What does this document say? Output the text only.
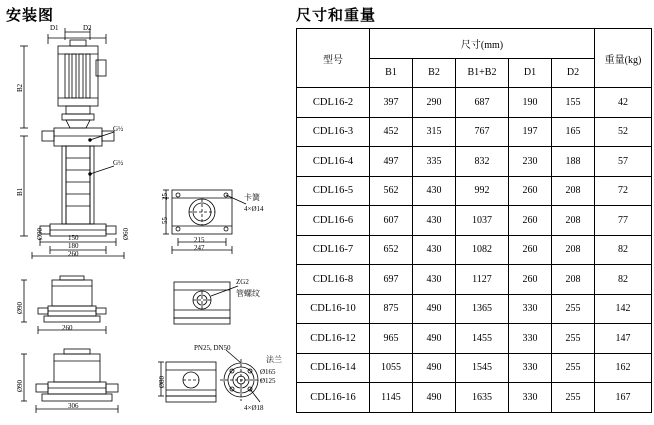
安装图	尺寸和重量
型号	尺寸(mm)					重量(kg)
	B1	B2	B1+B2	D1	D2	
CDL16-2	397	290	687	190	155	42
CDL16-3	452	315	767	197	165	52
CDL16-4	497	335	832	230	188	57
CDL16-5	562	430	992	260	208	72
CDL16-6	607	430	1037	260	208	77
CDL16-7	652	430	1082	260	208	82
CDL16-8	697	430	1127	260	208	82
CDL16-10	875	490	1365	330	255	142
CDL16-12	965	490	1455	330	255	147
CDL16-14	1055	490	1545	330	255	162
CDL16-16	1145	490	1635	330	255	167
D1	D2
B2
B1
G½
G½
Ø90	Ø60
150
180
260
25
55
215
247
卡簧
4×Ø14
Ø90
260
ZG2
管螺纹
Ø90
306
PN25, DN50
法兰
Ø80
Ø165
Ø125
4×Ø18
